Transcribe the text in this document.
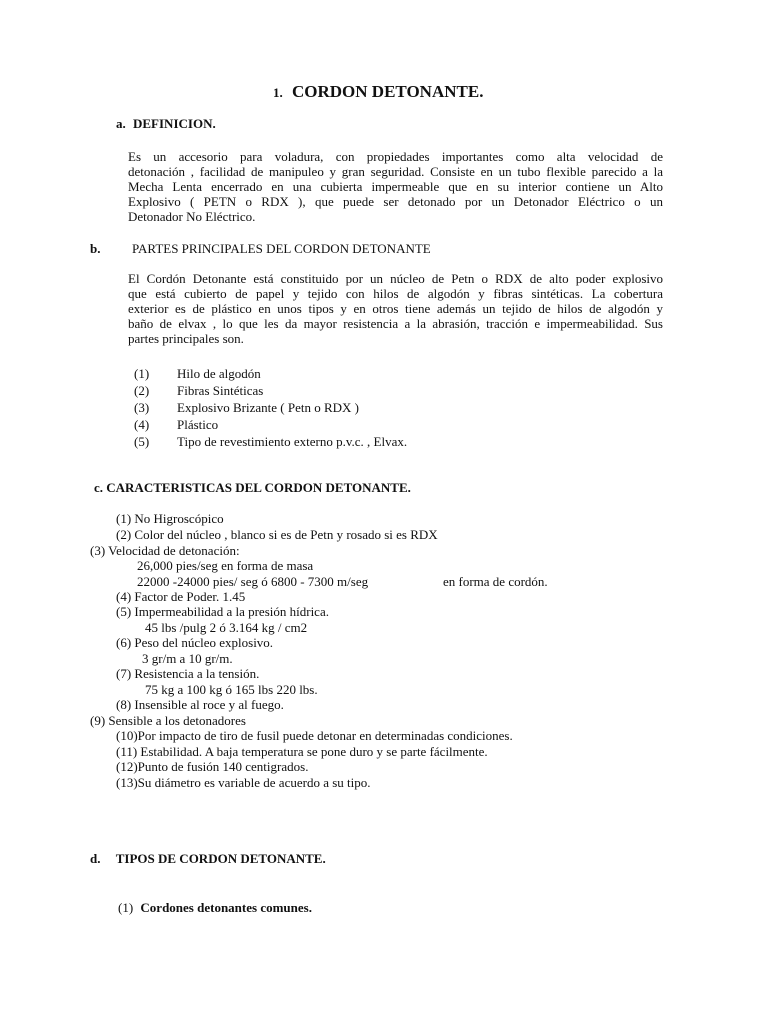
1. CORDON DETONANTE.
a. DEFINICION.
Es un accesorio para voladura, con propiedades importantes como alta velocidad de
detonación , facilidad de manipuleo y gran seguridad. Consiste en un tubo flexible parecido a la
Mecha Lenta encerrado en una cubierta impermeable que en su interior contiene un Alto
Explosivo ( PETN o RDX ), que puede ser detonado por un Detonador Eléctrico o un
Detonador No Eléctrico.
b. PARTES PRINCIPALES DEL CORDON DETONANTE
El Cordón Detonante está constituido por un núcleo de Petn o RDX de alto poder explosivo
que está cubierto de papel y tejido con hilos de algodón y fibras sintéticas. La cobertura
exterior es de plástico en unos tipos y en otros tiene además un tejido de hilos de algodón y
baño de elvax , lo que les da mayor resistencia a la abrasión, tracción e impermeabilidad. Sus
partes principales son.
(1) Hilo de algodón
(2) Fibras Sintéticas
(3) Explosivo Brizante ( Petn o RDX )
(4) Plástico
(5) Tipo de revestimiento externo p.v.c. , Elvax.
c. CARACTERISTICAS DEL CORDON DETONANTE.
(1) No Higroscópico
(2) Color del núcleo , blanco si es de Petn y rosado si es RDX
(3) Velocidad de detonación:
26,000 pies/seg en forma de masa
22000 -24000 pies/ seg ó 6800 - 7300 m/seg	en forma de cordón.
(4) Factor de Poder. 1.45
(5) Impermeabilidad a la presión hídrica.
45 lbs /pulg 2 ó 3.164 kg / cm2
(6) Peso del núcleo explosivo.
3 gr/m a 10 gr/m.
(7) Resistencia a la tensión.
75 kg a 100 kg ó 165 lbs 220 lbs.
(8) Insensible al roce y al fuego.
(9) Sensible a los detonadores
(10)Por impacto de tiro de fusil puede detonar en determinadas condiciones.
(11) Estabilidad. A baja temperatura se pone duro y se parte fácilmente.
(12)Punto de fusión 140 centigrados.
(13)Su diámetro es variable de acuerdo a su tipo.
d. TIPOS DE CORDON DETONANTE.
(1) Cordones detonantes comunes.
